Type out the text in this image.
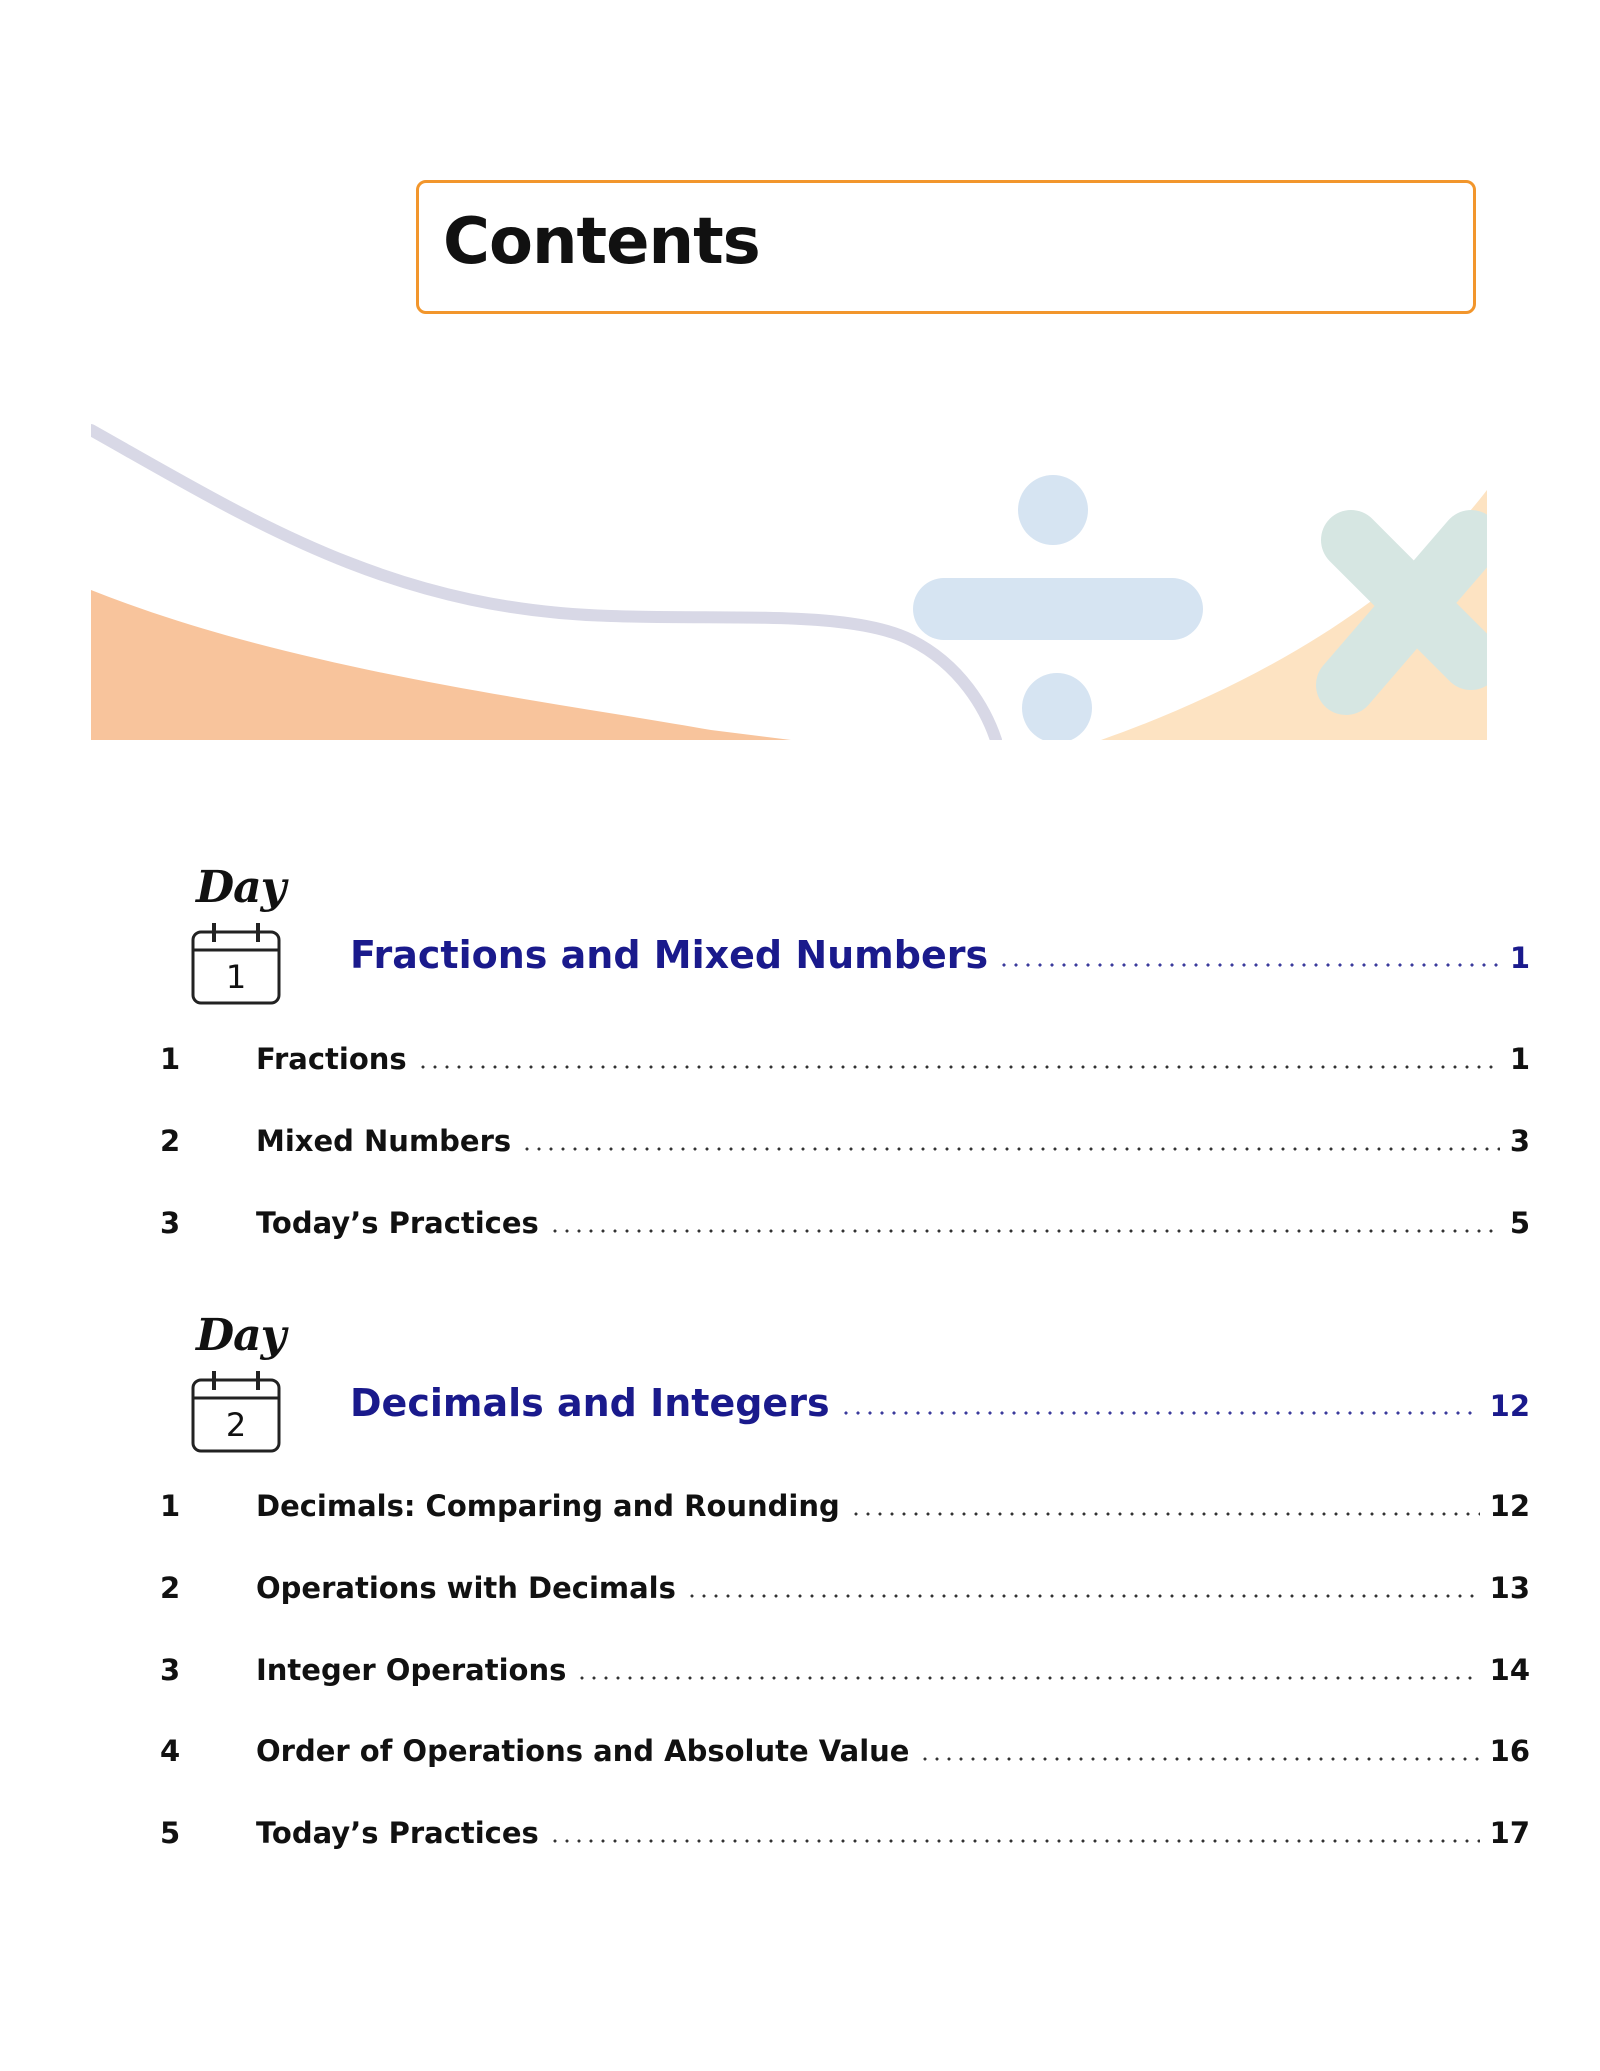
Contents
Day
1	Fractions and Mixed Numbers	1
1	Fractions	1
2	Mixed Numbers	3
3	Today’s Practices	5
Day
2	Decimals and Integers	12
1	Decimals: Comparing and Rounding	12
2	Operations with Decimals	13
3	Integer Operations	14
4	Order of Operations and Absolute Value	16
5	Today’s Practices	17
